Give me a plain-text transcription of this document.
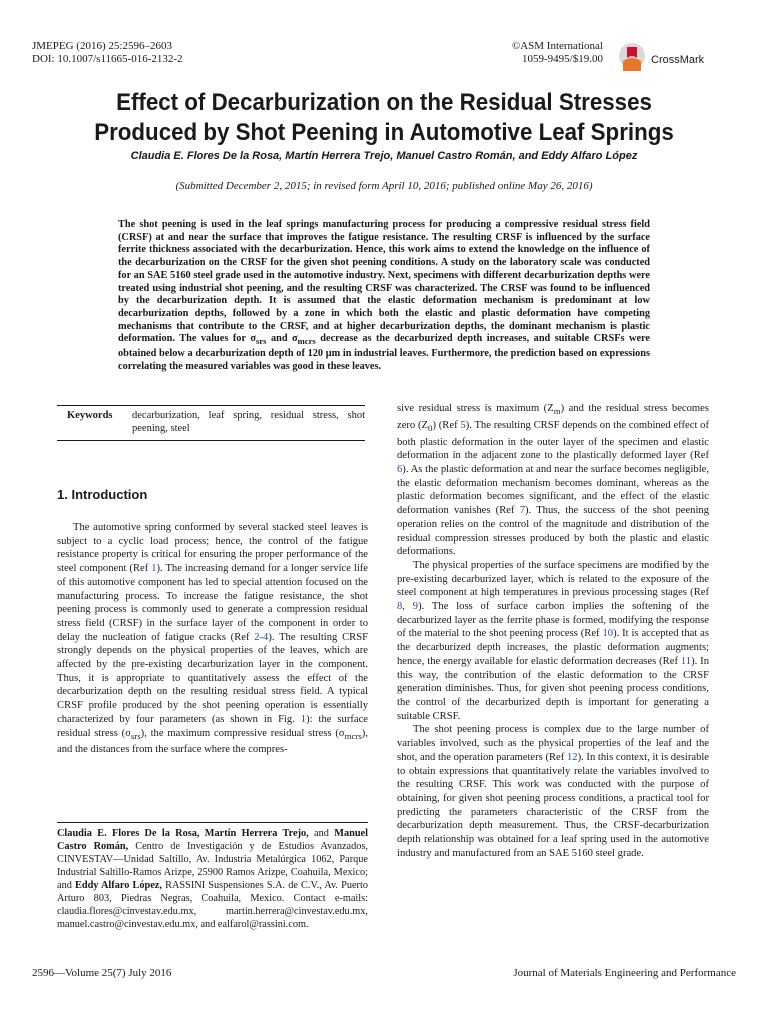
JMEPEG (2016) 25:2596–2603
DOI: 10.1007/s11665-016-2132-2
©ASM International
1059-9495/$19.00	CrossMark
Effect of Decarburization on the Residual Stresses
Produced by Shot Peening in Automotive Leaf Springs
Claudia E. Flores De la Rosa, Martín Herrera Trejo, Manuel Castro Román, and Eddy Alfaro López
(Submitted December 2, 2015; in revised form April 10, 2016; published online May 26, 2016)
The shot peening is used in the leaf springs manufacturing process for producing a compressive residual stress field (CRSF) at and near the surface that improves the fatigue resistance. The resulting CRSF is influenced by the surface ferrite thickness associated with the decarburization. Hence, this work aims to extend the knowledge on the influence of the decarburization on the CRSF for the given shot peening conditions. A study on the laboratory scale was conducted for an SAE 5160 steel grade used in the automotive industry. Next, specimens with different decarburization depths were treated using industrial shot peening, and the resulting CRSF was characterized. The CRSF was found to be influenced by the decarburization depth. It is assumed that the elastic deformation mechanism is predominant at low decarburization depths, followed by a zone in which both the elastic and plastic deformation have competing mechanisms that contribute to the CRSF, and at higher decarburization depths, the dominant mechanism is plastic deformation. The values for $\sigma_{srs}$ and $\sigma_{mcrs}$ decrease as the decarburized depth increases, and suitable CRSFs were obtained below a decarburization depth of 120 μm in industrial leaves. Furthermore, the prediction based on expressions correlating the measured variables was good in these leaves.
Keywords	decarburization, leaf spring, residual stress, shot peening, steel
1. Introduction

The automotive spring conformed by several stacked steel leaves is subject to a cyclic load process; hence, the control of the fatigue resistance property is critical for ensuring the proper performance of the steel component (Ref 1). The increasing demand for a longer service life of this automotive component has led to special attention focused on the manufacturing process. To increase the fatigue resistance, the shot peening process is commonly used to generate a compression residual stress field (CRSF) in the surface layer of the component in order to delay the nucleation of fatigue cracks (Ref 2-4). The resulting CRSF strongly depends on the physical properties of the leaves, which are affected by the pre-existing decarburization layer in the component. Thus, it is appropriate to quantitatively assess the effect of the decarburization depth on the resulting residual stress field. A typical CRSF profile produced by the shot peening operation is essentially characterized by four parameters (as shown in Fig. 1): the surface residual stress $(\sigma_{srs})$, the maximum compressive residual stress $(\sigma_{mcrs})$, and the distances from the surface where the compres-

Claudia E. Flores De la Rosa, Martín Herrera Trejo, and Manuel Castro Román, Centro de Investigación y de Estudios Avanzados, CINVESTAV—Unidad Saltillo, Av. Industria Metalúrgica 1062, Parque Industrial Saltillo-Ramos Arizpe, 25900 Ramos Arizpe, Coahuila, Mexico; and Eddy Alfaro López, RASSINI Suspensiones S.A. de C.V., Av. Puerto Arturo 803, Piedras Negras, Coahuila, Mexico. Contact e-mails: claudia.flores@cinvestav.edu.mx, martin.herrera@cinvestav.edu.mx, manuel.castro@cinvestav.edu.mx, and ealfarol@rassini.com.

sive residual stress is maximum $(Z_m)$ and the residual stress becomes zero $(Z_0)$ (Ref 5). The resulting CRSF depends on the combined effect of both plastic deformation in the outer layer of the specimen and elastic deformation in the adjacent zone to the plastically deformed layer (Ref 6). As the plastic deformation at and near the surface becomes negligible, the elastic deformation mechanism becomes dominant, whereas as the plastic deformation becomes significant, and the effect of the elastic deformation vanishes (Ref 7). Thus, the success of the shot peening operation relies on the control of the magnitude and distribution of the residual compression stresses produced by both the plastic and elastic deformations.

The physical properties of the surface specimens are modified by the pre-existing decarburized layer, which is related to the exposure of the steel component at high temperatures in previous processing stages (Ref 8, 9). The loss of surface carbon implies the softening of the decarburized layer as the ferrite phase is formed, modifying the response of the material to the shot peening process (Ref 10). It is accepted that as the decarburized depth increases, the plastic deformation augments; hence, the energy available for elastic deformation decreases (Ref 11). In this way, the contribution of the elastic deformation to the CRSF generation diminishes. Thus, for given shot peening process conditions, the control of the decarburized depth is important for generating a suitable CRSF.

The shot peening process is complex due to the large number of variables involved, such as the physical properties of the leaf and the shot, and the operation parameters (Ref 12). In this context, it is desirable to obtain expressions that quantitatively relate the variables involved to the resulting CRSF. This work was conducted with the purpose of obtaining, for given shot peening process conditions, a practical tool for predicting the parameters characteristic of the CRSF from the decarburization depth measurement. Thus, the CRSF-decarburization depth relationship was obtained for a leaf spring used in the automotive industry and manufactured from an SAE 5160 steel grade.

2596—Volume 25(7) July 2016	Journal of Materials Engineering and Performance
